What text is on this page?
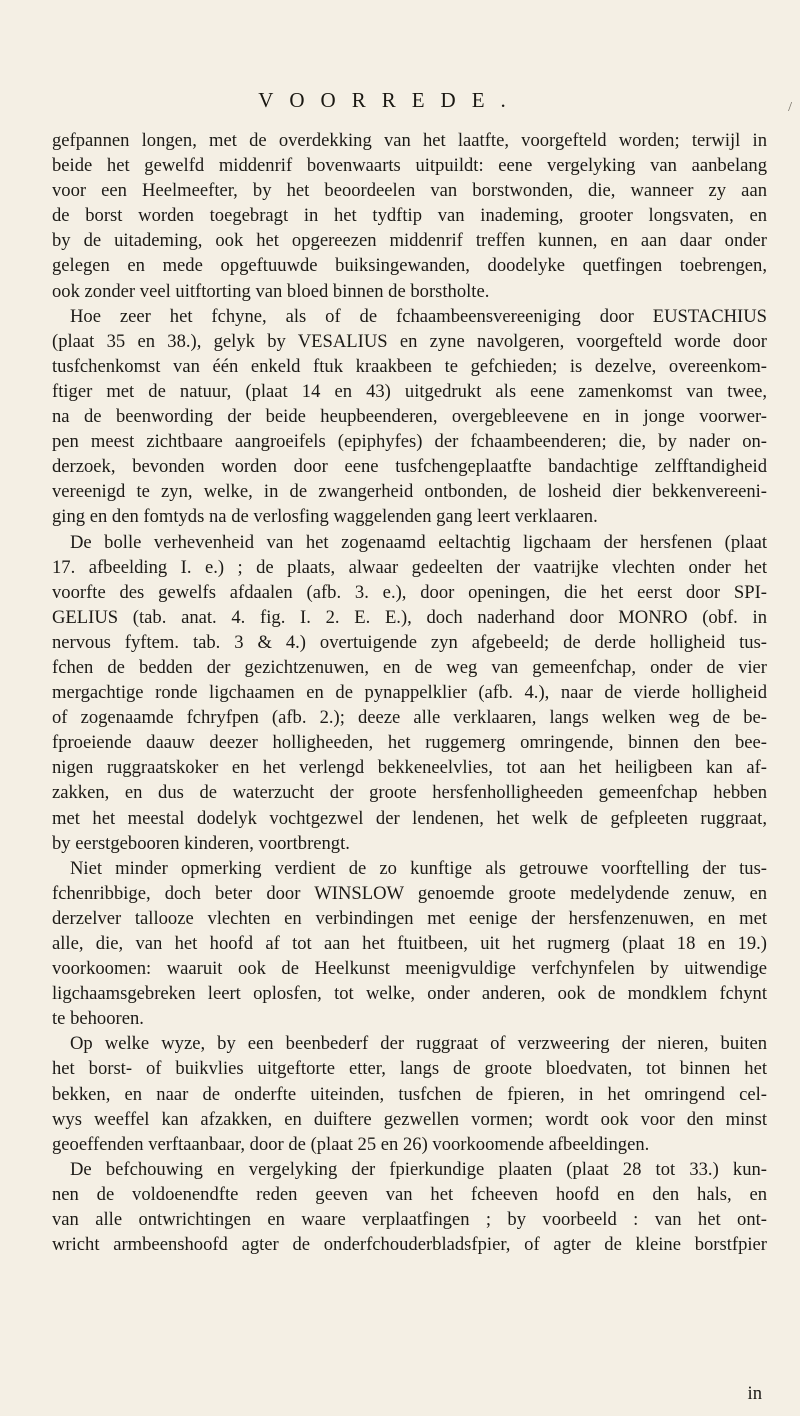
VOORREDE.	/
gefpannen longen, met de overdekking van het laatfte, voorgefteld worden; terwijl in
beide het gewelfd middenrif bovenwaarts uitpuildt: eene vergelyking van aanbelang
voor een Heelmeefter, by het beoordeelen van borstwonden, die, wanneer zy aan
de borst worden toegebragt in het tydftip van inademing, grooter longsvaten, en
by de uitademing, ook het opgereezen middenrif treffen kunnen, en aan daar onder
gelegen en mede opgeftuuwde buiksingewanden, doodelyke quetfingen toebrengen,
ook zonder veel uitftorting van bloed binnen de borstholte.
Hoe zeer het fchyne, als of de fchaambeensvereeniging door EUSTACHIUS
(plaat 35 en 38.), gelyk by VESALIUS en zyne navolgeren, voorgefteld worde door
tusfchenkomst van één enkeld ftuk kraakbeen te gefchieden; is dezelve, overeenkom-
ftiger met de natuur, (plaat 14 en 43) uitgedrukt als eene zamenkomst van twee,
na de beenwording der beide heupbeenderen, overgebleevene en in jonge voorwer-
pen meest zichtbaare aangroeifels (epiphyfes) der fchaambeenderen; die, by nader on-
derzoek, bevonden worden door eene tusfchengeplaatfte bandachtige zelfftandigheid
vereenigd te zyn, welke, in de zwangerheid ontbonden, de losheid dier bekkenvereeni-
ging en den fomtyds na de verlosfing waggelenden gang leert verklaaren.
De bolle verhevenheid van het zogenaamd eeltachtig ligchaam der hersfenen (plaat
17. afbeelding I. e.) ; de plaats, alwaar gedeelten der vaatrijke vlechten onder het
voorfte des gewelfs afdaalen (afb. 3. e.), door openingen, die het eerst door SPI-
GELIUS (tab. anat. 4. fig. I. 2. E. E.), doch naderhand door MONRO (obf. in
nervous fyftem. tab. 3 & 4.) overtuigende zyn afgebeeld; de derde holligheid tus-
fchen de bedden der gezichtzenuwen, en de weg van gemeenfchap, onder de vier
mergachtige ronde ligchaamen en de pynappelklier (afb. 4.), naar de vierde holligheid
of zogenaamde fchryfpen (afb. 2.); deeze alle verklaaren, langs welken weg de be-
fproeiende daauw deezer holligheeden, het ruggemerg omringende, binnen den bee-
nigen ruggraatskoker en het verlengd bekkeneelvlies, tot aan het heiligbeen kan af-
zakken, en dus de waterzucht der groote hersfenholligheeden gemeenfchap hebben
met het meestal dodelyk vochtgezwel der lendenen, het welk de gefpleeten ruggraat,
by eerstgebooren kinderen, voortbrengt.
Niet minder opmerking verdient de zo kunftige als getrouwe voorftelling der tus-
fchenribbige, doch beter door WINSLOW genoemde groote medelydende zenuw, en
derzelver tallooze vlechten en verbindingen met eenige der hersfenzenuwen, en met
alle, die, van het hoofd af tot aan het ftuitbeen, uit het rugmerg (plaat 18 en 19.)
voorkoomen: waaruit ook de Heelkunst meenigvuldige verfchynfelen by uitwendige
ligchaamsgebreken leert oplosfen, tot welke, onder anderen, ook de mondklem fchynt
te behooren.
Op welke wyze, by een beenbederf der ruggraat of verzweering der nieren, buiten
het borst- of buikvlies uitgeftorte etter, langs de groote bloedvaten, tot binnen het
bekken, en naar de onderfte uiteinden, tusfchen de fpieren, in het omringend cel-
wys weeffel kan afzakken, en duiftere gezwellen vormen; wordt ook voor den minst
geoeffenden verftaanbaar, door de (plaat 25 en 26) voorkoomende afbeeldingen.
De befchouwing en vergelyking der fpierkundige plaaten (plaat 28 tot 33.) kun-
nen de voldoenendfte reden geeven van het fcheeven hoofd en den hals, en
van alle ontwrichtingen en waare verplaatfingen ; by voorbeeld : van het ont-
wricht armbeenshoofd agter de onderfchouderbladsfpier, of agter de kleine borstfpier
in
